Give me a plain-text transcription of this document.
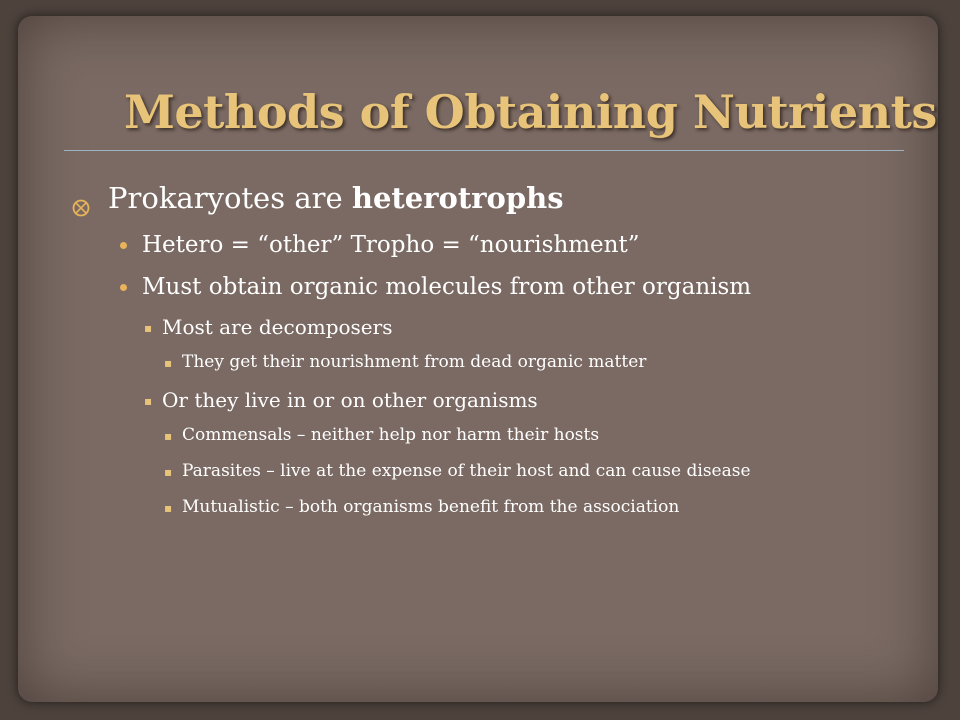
Methods of Obtaining Nutrients

Prokaryotes are heterotrophs

Hetero = “other” Tropho = “nourishment”

Must obtain organic molecules from other organism

▪ Most are decomposers

▪ They get their nourishment from dead organic matter

▪ Or they live in or on other organisms

▪ Commensals – neither help nor harm their hosts

▪ Parasites – live at the expense of their host and can cause disease

▪ Mutualistic – both organisms benefit from the association
